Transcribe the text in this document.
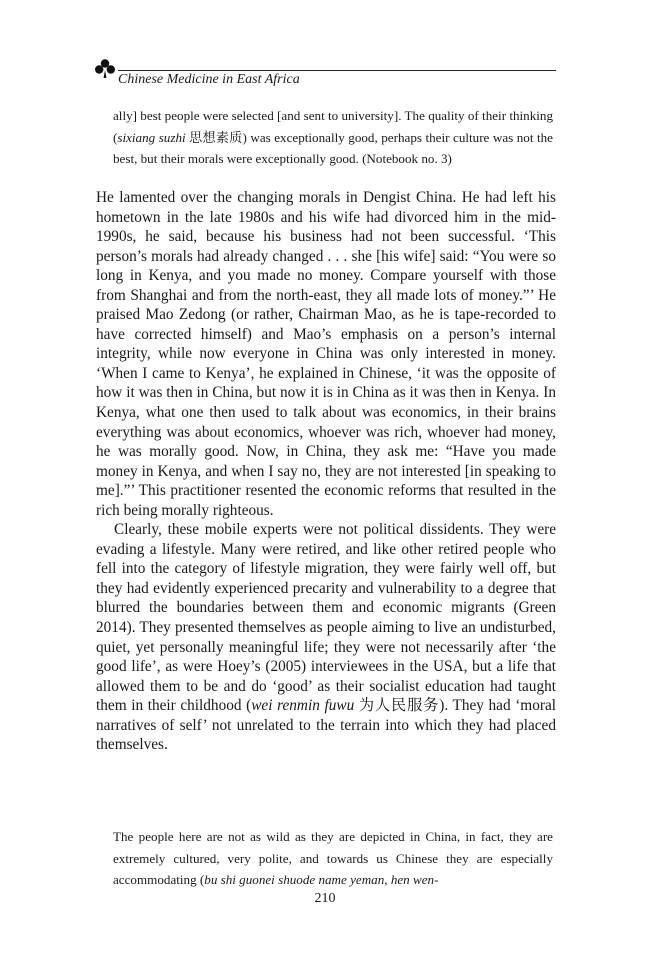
Chinese Medicine in East Africa
ally] best people were selected [and sent to university]. The quality of their thinking (sixiang suzhi 思想素质) was exceptionally good, perhaps their culture was not the best, but their morals were exceptionally good. (Notebook no. 3)

He lamented over the changing morals in Dengist China. He had left his hometown in the late 1980s and his wife had divorced him in the mid-1990s, he said, because his business had not been successful. ‘This person’s morals had already changed . . . she [his wife] said: “You were so long in Kenya, and you made no money. Compare yourself with those from Shanghai and from the north-east, they all made lots of money.”’ He praised Mao Zedong (or rather, Chairman Mao, as he is tape-recorded to have corrected himself) and Mao’s emphasis on a person’s internal integrity, while now everyone in China was only interested in money. ‘When I came to Kenya’, he explained in Chinese, ‘it was the opposite of how it was then in China, but now it is in China as it was then in Kenya. In Kenya, what one then used to talk about was economics, in their brains everything was about economics, whoever was rich, whoever had money, he was morally good. Now, in China, they ask me: “Have you made money in Kenya, and when I say no, they are not interested [in speaking to me].”’ This practitioner resented the economic reforms that resulted in the rich being morally righteous.

Clearly, these mobile experts were not political dissidents. They were evading a lifestyle. Many were retired, and like other retired people who fell into the category of lifestyle migration, they were fairly well off, but they had evidently experienced precarity and vulnerability to a degree that blurred the boundaries between them and economic migrants (Green 2014). They presented themselves as people aiming to live an undisturbed, quiet, yet personally meaningful life; they were not necessarily after ‘the good life’, as were Hoey’s (2005) interviewees in the USA, but a life that allowed them to be and do ‘good’ as their socialist education had taught them in their childhood (wei renmin fuwu 为人民服务). They had ‘moral narratives of self’ not unrelated to the terrain into which they had placed themselves.

The people here are not as wild as they are depicted in China, in fact, they are extremely cultured, very polite, and towards us Chinese they are especially accommodating (bu shi guonei shuode name yeman, hen wen-
210
